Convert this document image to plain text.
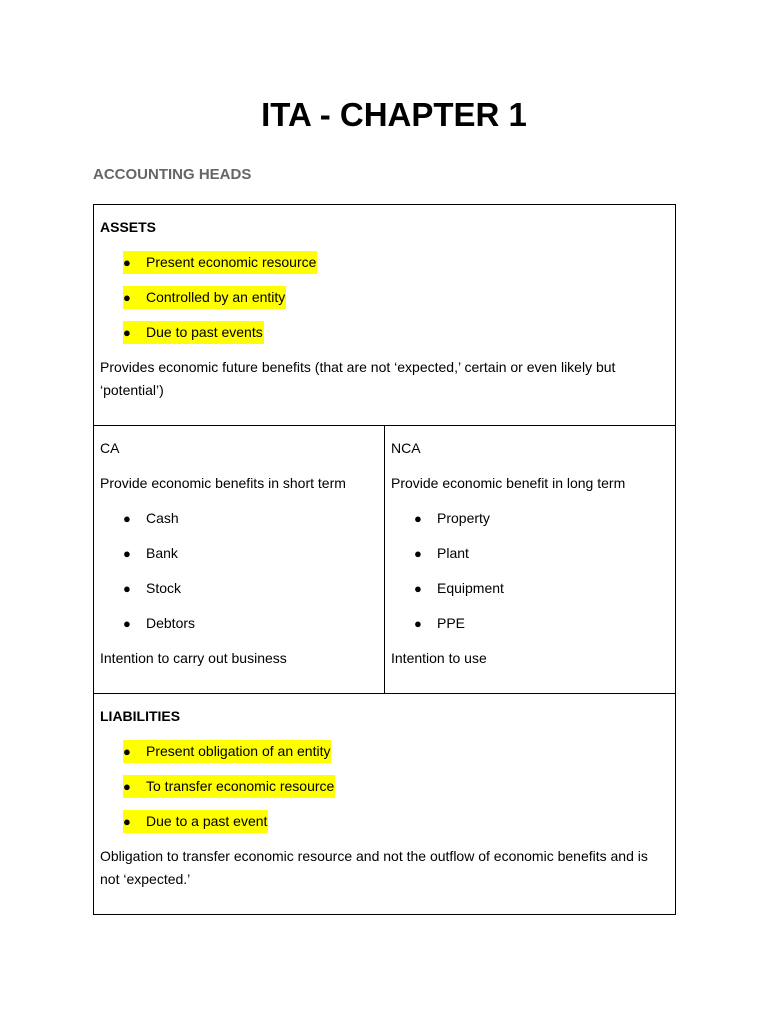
ITA - CHAPTER 1
ACCOUNTING HEADS

ASSETS

●	Present economic resource
●	Controlled by an entity
●	Due to past events

Provides economic future benefits (that are not ‘expected,’ certain or even likely but ‘potential’)

CA

Provide economic benefits in short term

●	Cash
●	Bank
●	Stock
●	Debtors

Intention to carry out business

NCA

Provide economic benefit in long term

●	Property
●	Plant
●	Equipment
●	PPE

Intention to use

LIABILITIES

●	Present obligation of an entity
●	To transfer economic resource
●	Due to a past event

Obligation to transfer economic resource and not the outflow of economic benefits and is not ‘expected.’
